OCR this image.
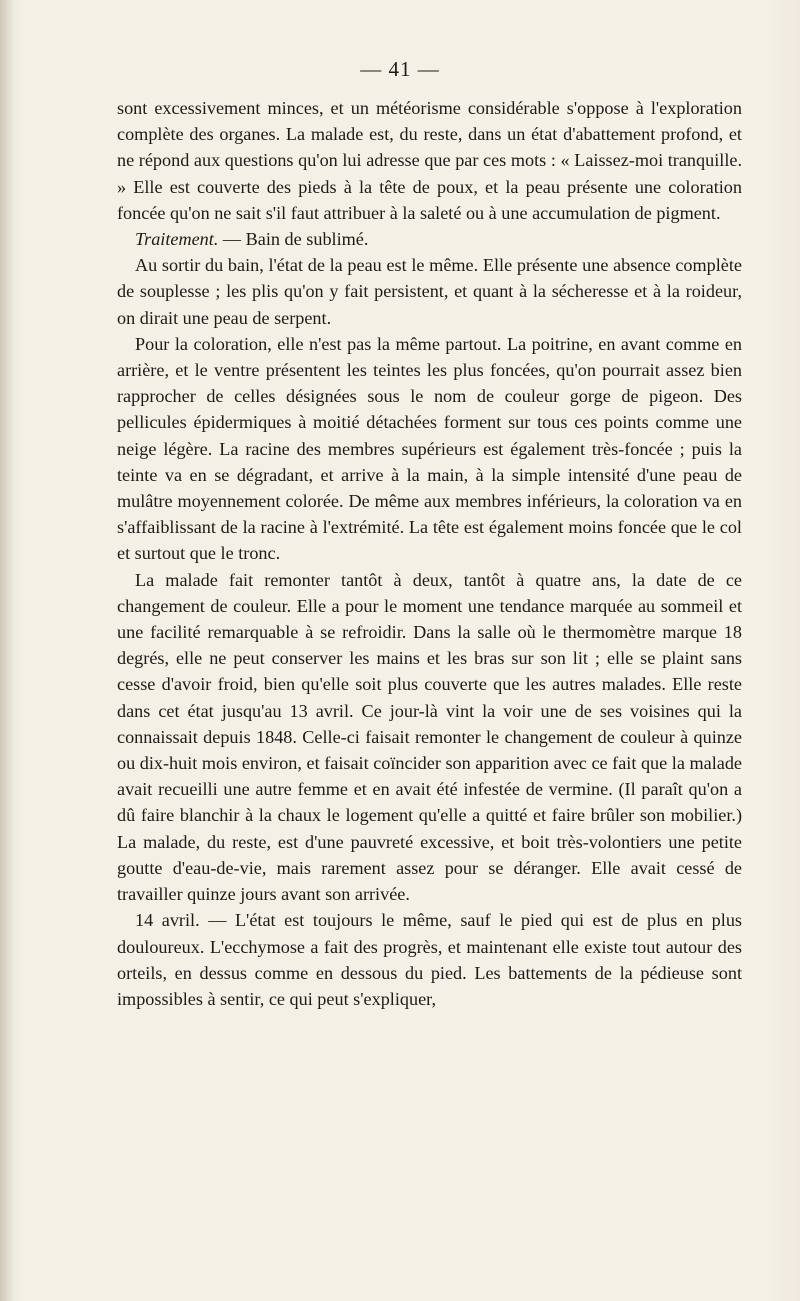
— 41 —

sont excessivement minces, et un météorisme considérable s'oppose à l'exploration complète des organes. La malade est, du reste, dans un état d'abattement profond, et ne répond aux questions qu'on lui adresse que par ces mots : « Laissez-moi tranquille. » Elle est couverte des pieds à la tête de poux, et la peau présente une coloration foncée qu'on ne sait s'il faut attribuer à la saleté ou à une accumulation de pigment.

Traitement. — Bain de sublimé.

Au sortir du bain, l'état de la peau est le même. Elle présente une absence complète de souplesse ; les plis qu'on y fait persistent, et quant à la sécheresse et à la roideur, on dirait une peau de serpent.

Pour la coloration, elle n'est pas la même partout. La poitrine, en avant comme en arrière, et le ventre présentent les teintes les plus foncées, qu'on pourrait assez bien rapprocher de celles désignées sous le nom de couleur gorge de pigeon. Des pellicules épidermiques à moitié détachées forment sur tous ces points comme une neige légère. La racine des membres supérieurs est également très-foncée ; puis la teinte va en se dégradant, et arrive à la main, à la simple intensité d'une peau de mulâtre moyennement colorée. De même aux membres inférieurs, la coloration va en s'affaiblissant de la racine à l'extrémité. La tête est également moins foncée que le col et surtout que le tronc.

La malade fait remonter tantôt à deux, tantôt à quatre ans, la date de ce changement de couleur. Elle a pour le moment une tendance marquée au sommeil et une facilité remarquable à se refroidir. Dans la salle où le thermomètre marque 18 degrés, elle ne peut conserver les mains et les bras sur son lit ; elle se plaint sans cesse d'avoir froid, bien qu'elle soit plus couverte que les autres malades. Elle reste dans cet état jusqu'au 13 avril. Ce jour-là vint la voir une de ses voisines qui la connaissait depuis 1848. Celle-ci faisait remonter le changement de couleur à quinze ou dix-huit mois environ, et faisait coïncider son apparition avec ce fait que la malade avait recueilli une autre femme et en avait été infestée de vermine. (Il paraît qu'on a dû faire blanchir à la chaux le logement qu'elle a quitté et faire brûler son mobilier.) La malade, du reste, est d'une pauvreté excessive, et boit très-volontiers une petite goutte d'eau-de-vie, mais rarement assez pour se déranger. Elle avait cessé de travailler quinze jours avant son arrivée.

14 avril. — L'état est toujours le même, sauf le pied qui est de plus en plus douloureux. L'ecchymose a fait des progrès, et maintenant elle existe tout autour des orteils, en dessus comme en dessous du pied. Les battements de la pédieuse sont impossibles à sentir, ce qui peut s'expliquer,
